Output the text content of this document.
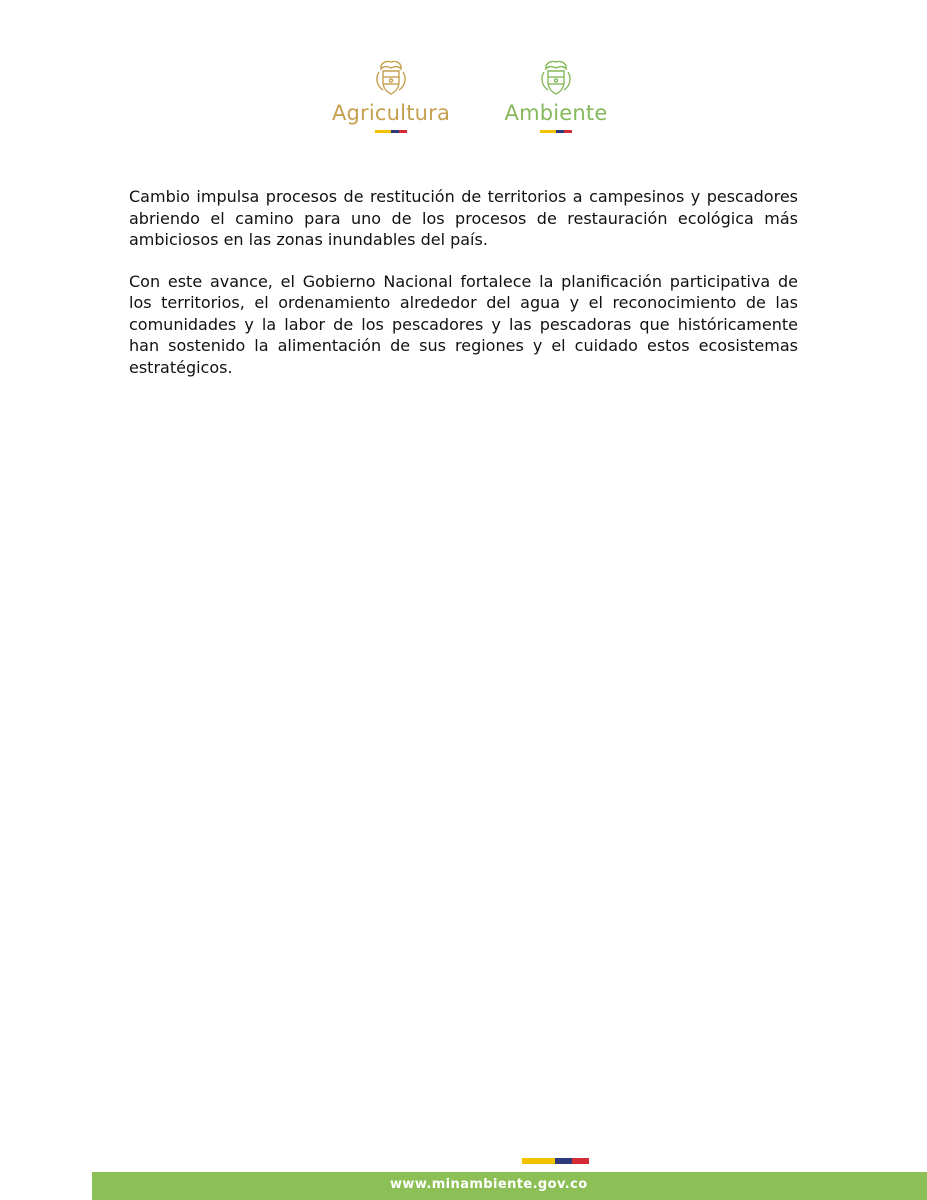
Agricultura	Ambiente

Cambio impulsa procesos de restitución de territorios a campesinos y pescadores abriendo el camino para uno de los procesos de restauración ecológica más ambiciosos en las zonas inundables del país.

Con este avance, el Gobierno Nacional fortalece la planificación participativa de los territorios, el ordenamiento alrededor del agua y el reconocimiento de las comunidades y la labor de los pescadores y las pescadoras que históricamente han sostenido la alimentación de sus regiones y el cuidado estos ecosistemas estratégicos.

www.minambiente.gov.co
